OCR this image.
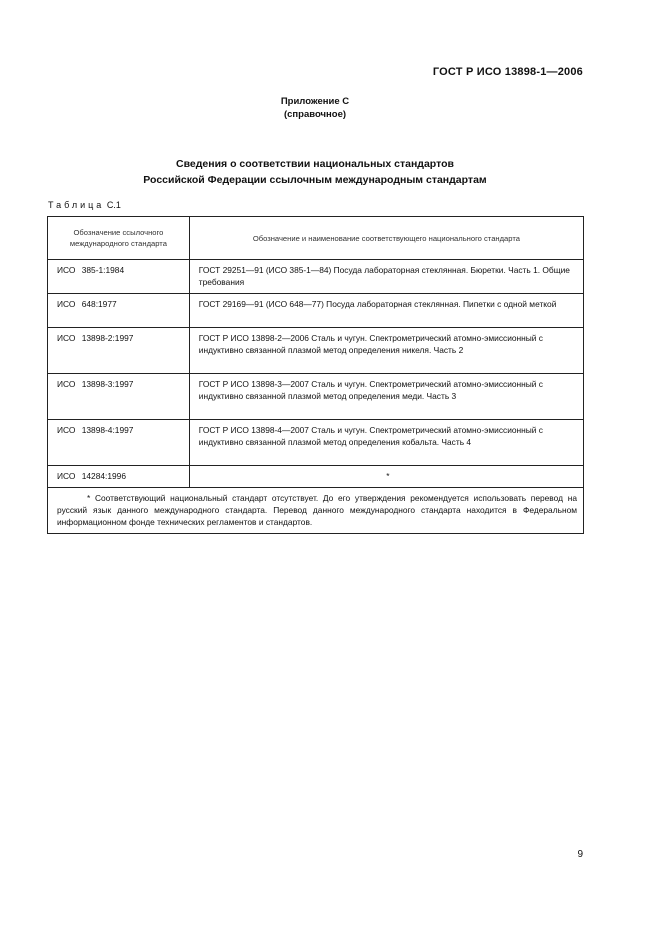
ГОСТ Р ИСО 13898-1—2006
Приложение С
(справочное)
Сведения о соответствии национальных стандартов
Российской Федерации ссылочным международным стандартам
Таблица С.1
Обозначение ссылочного международного стандарта	Обозначение и наименование соответствующего национального стандарта
ИСО 385-1:1984	ГОСТ 29251—91 (ИСО 385-1—84) Посуда лабораторная стеклянная. Бюретки. Часть 1. Общие требования
ИСО 648:1977	ГОСТ 29169—91 (ИСО 648—77) Посуда лабораторная стеклянная. Пипетки с одной меткой
ИСО 13898-2:1997	ГОСТ Р ИСО 13898-2—2006 Сталь и чугун. Спектрометрический атомно-эмиссионный с индуктивно связанной плазмой метод определения никеля. Часть 2
ИСО 13898-3:1997	ГОСТ Р ИСО 13898-3—2007 Сталь и чугун. Спектрометрический атомно-эмиссионный с индуктивно связанной плазмой метод определения меди. Часть 3
ИСО 13898-4:1997	ГОСТ Р ИСО 13898-4—2007 Сталь и чугун. Спектрометрический атомно-эмиссионный с индуктивно связанной плазмой метод определения кобальта. Часть 4
ИСО 14284:1996	*
* Соответствующий национальный стандарт отсутствует. До его утверждения рекомендуется использовать перевод на русский язык данного международного стандарта. Перевод данного международного стандарта находится в Федеральном информационном фонде технических регламентов и стандартов.	
9
